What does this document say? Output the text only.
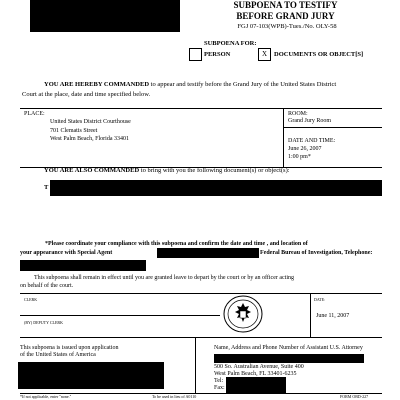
SUBPOENA TO TESTIFY
BEFORE GRAND JURY
FGJ 07-103(WPB)-Tues./No. OLY-58
SUBPOENA FOR:
PERSON	X	DOCUMENTS OR OBJECT[S]
YOU ARE HEREBY COMMANDED to appear and testify before the Grand Jury of the United States District
Court at the place, date and time specified below.
PLACE:
United States District Courthouse
701 Clematis Street
West Palm Beach, Florida 33401
ROOM:
Grand Jury Room
DATE AND TIME:
June 26, 2007
1:00 pm*
YOU ARE ALSO COMMANDED to bring with you the following document(s) or object(s):
T
*Please coordinate your compliance with this subpoena and confirm the date and time , and location of
your appearance with Special Agent	Federal Bureau of Investigation, Telephone:
This subpoena shall remain in effect until you are granted leave to depart by the court or by an officer acting
on behalf of the court.
CLERK
(BY) DEPUTY CLERK
DATE:
June 11, 2007
This subpoena is issued upon application
of the United States of America
Name, Address and Phone Number of Assistant U.S. Attorney
500 So. Australian Avenue, Suite 400
West Palm Beach, FL 33401-6235
Tel:
Fax:
*If not applicable, enter "none."	To be used in lieu of A0110	FORM OBD-227
